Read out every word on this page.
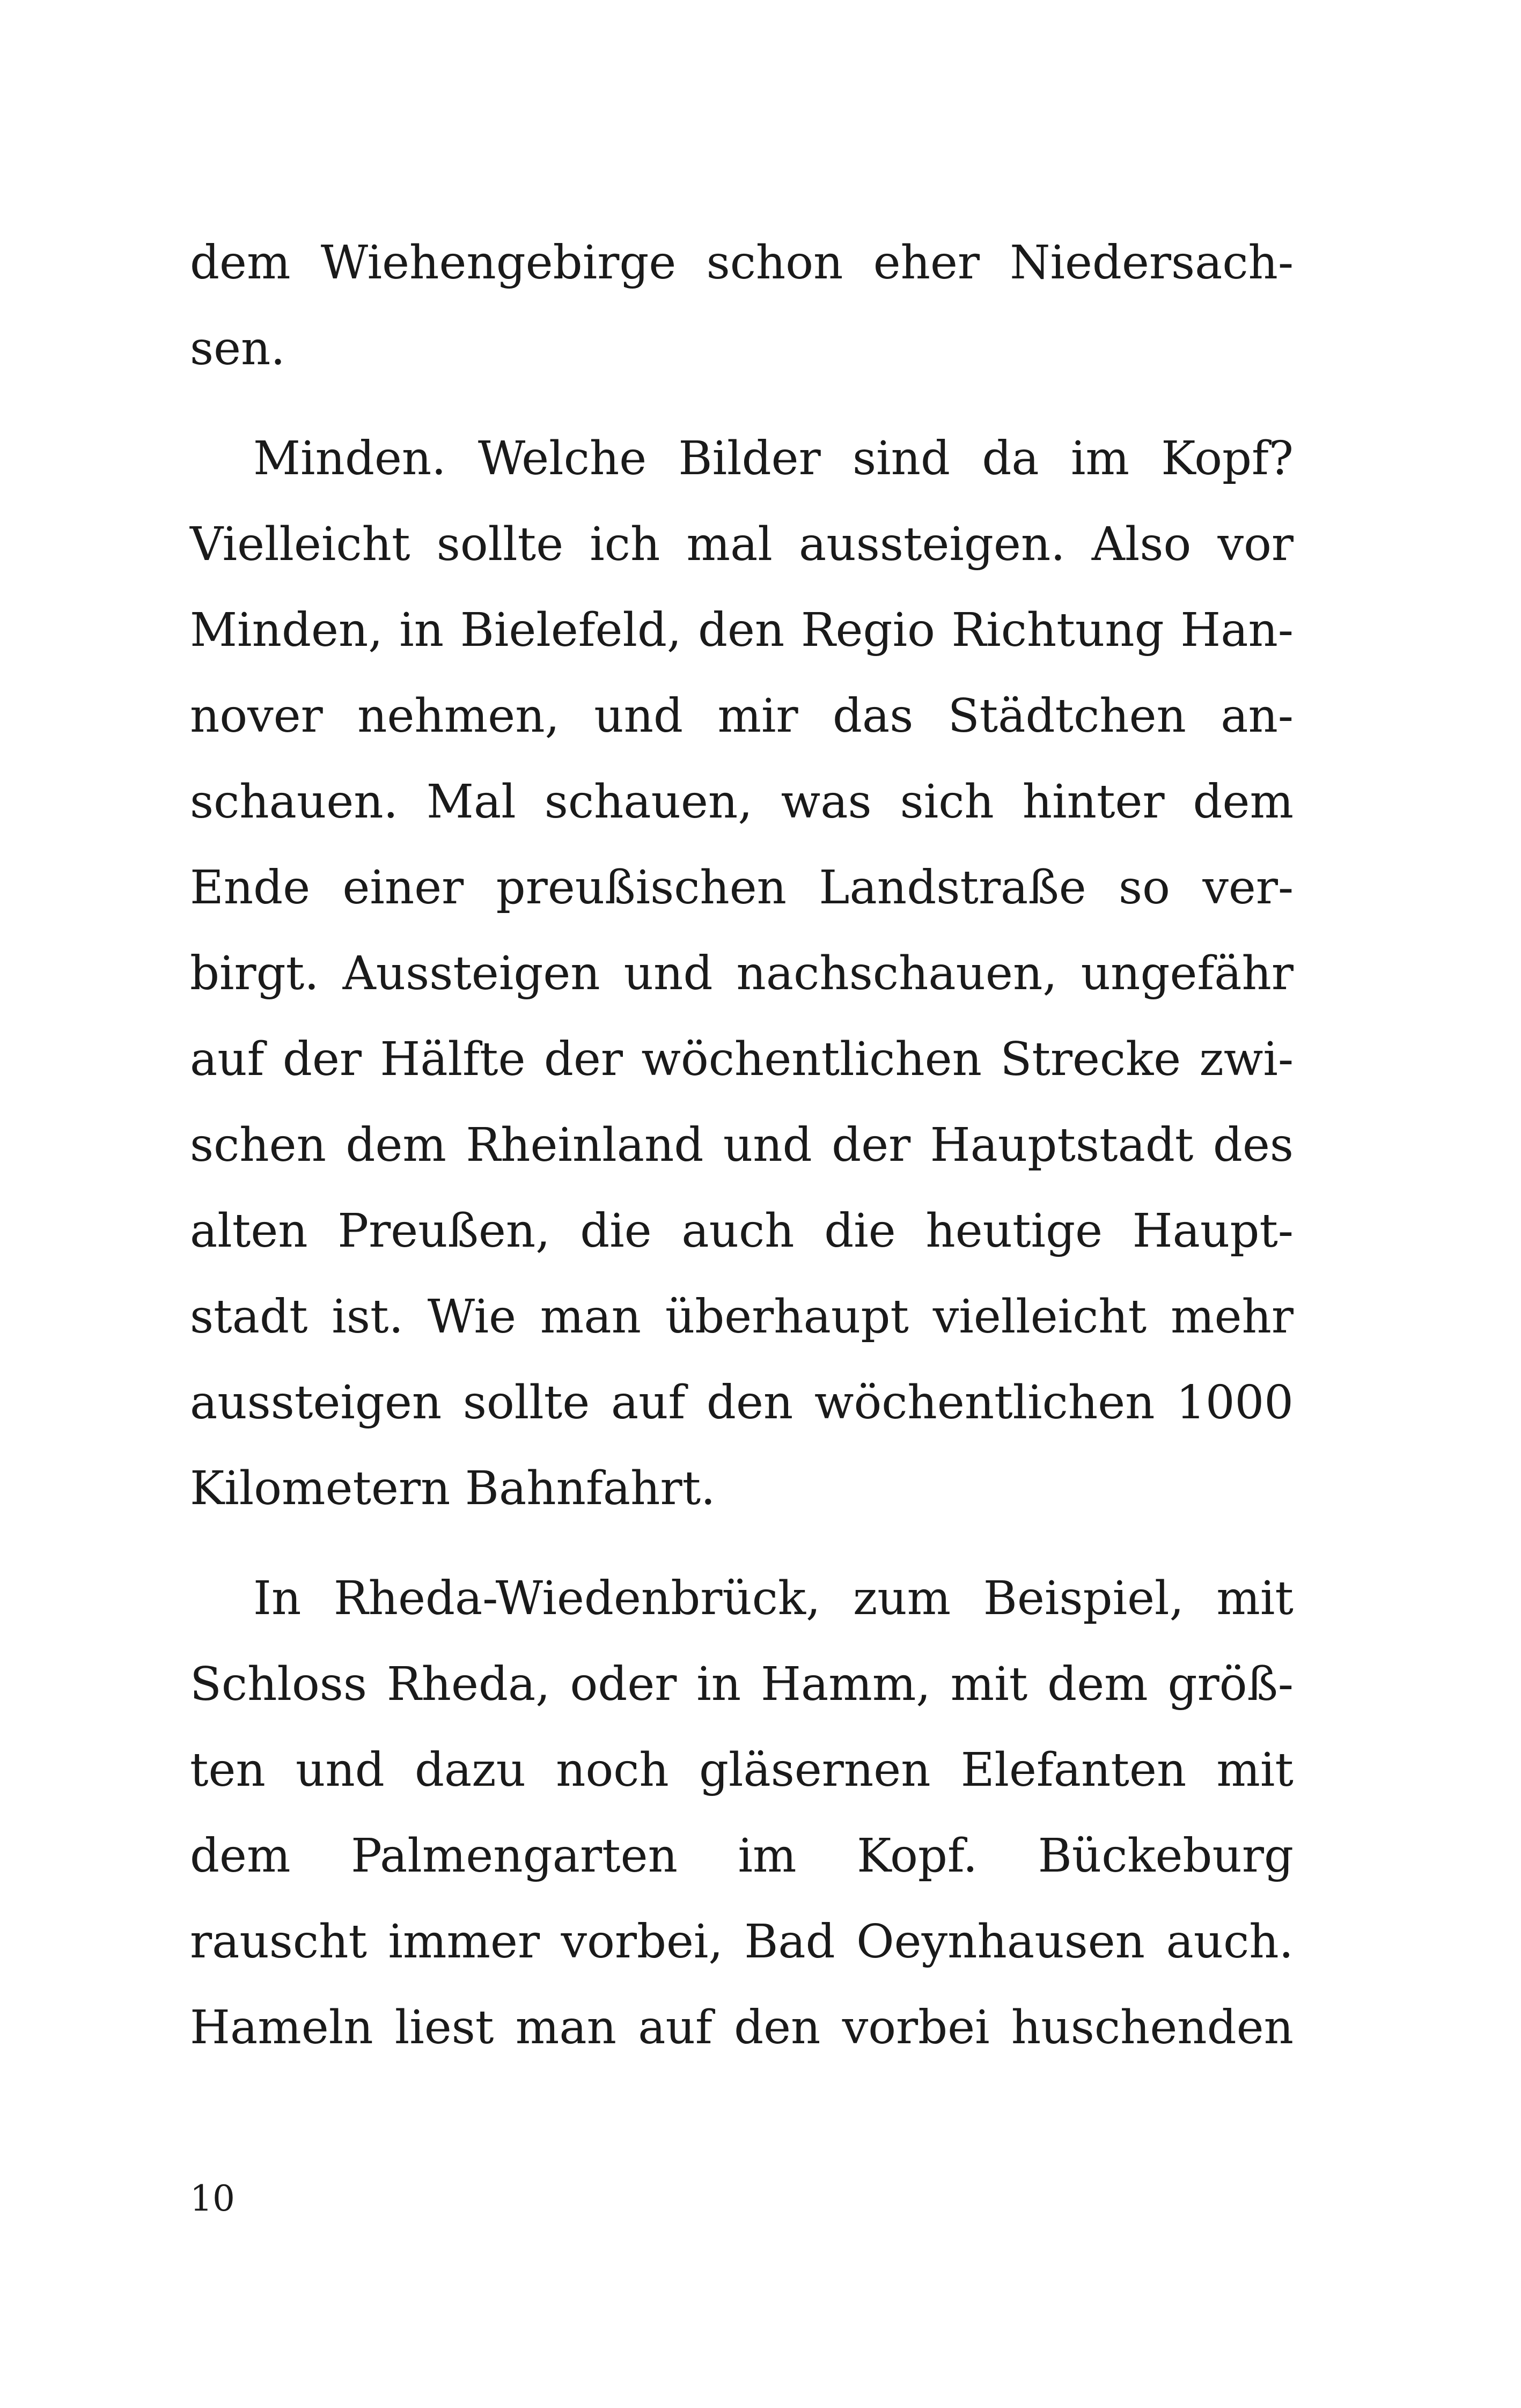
dem Wiehengebirge schon eher Niedersach-
sen.
Minden. Welche Bilder sind da im Kopf?
Vielleicht sollte ich mal aussteigen. Also vor
Minden, in Bielefeld, den Regio Richtung Han-
nover nehmen, und mir das Städtchen an-
schauen. Mal schauen, was sich hinter dem
Ende einer preußischen Landstraße so ver-
birgt. Aussteigen und nachschauen, ungefähr
auf der Hälfte der wöchentlichen Strecke zwi-
schen dem Rheinland und der Hauptstadt des
alten Preußen, die auch die heutige Haupt-
stadt ist. Wie man überhaupt vielleicht mehr
aussteigen sollte auf den wöchentlichen 1000
Kilometern Bahnfahrt.
In Rheda-Wiedenbrück, zum Beispiel, mit
Schloss Rheda, oder in Hamm, mit dem größ-
ten und dazu noch gläsernen Elefanten mit
dem Palmengarten im Kopf. Bückeburg
rauscht immer vorbei, Bad Oeynhausen auch.
Hameln liest man auf den vorbei huschenden
10
